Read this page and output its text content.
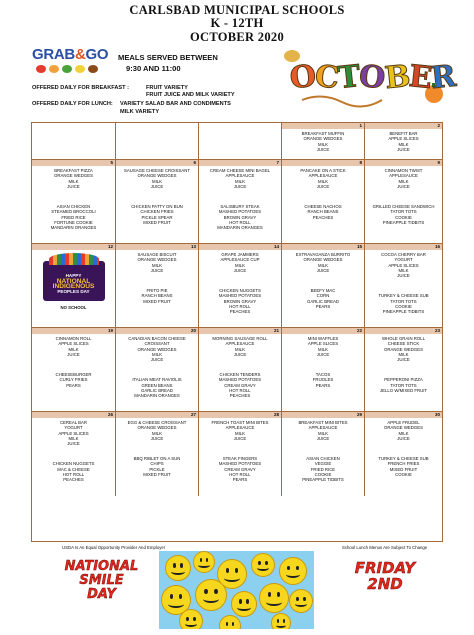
CARLSBAD MUNICIPAL SCHOOLS
K - 12TH
OCTOBER 2020
GRAB&GO MEALS SERVED BETWEEN
9:30 AND 11:00
OFFERED DAILY FOR BREAKFAST :	FRUIT VARIETY
FRUIT JUICE AND MILK VARIETY
OFFERED DAILY FOR LUNCH: VARIETY SALAD BAR AND CONDIMENTS
MILK VARIETY
OCTOBER
1
BREAKFAST MUFFIN
ORANGE WEDGES
MILK
JUICE
2
BENEFIT BAR
APPLE SLICES
MILK
JUICE
5
BREAKFAST PIZZA
ORANGE WEDGES
MILK
JUICE
ASIAN CHICKEN
STEAMED BROCCOLI
FRIED RICE
FORTUNE COOKIE
MANDARIN ORANGES
6
SAUSAGE CHEESE CROISSANT
ORANGE WEDGES
MILK
JUICE
CHICKEN PATTY ON BUN
CHICKEN FRIES
PICKLE SPEAR
MIXED FRUIT
7
CREAM CHEESE MINI BAGEL
APPLESAUCE
MILK
JUICE
SALISBURY STEAK
MASHED POTATOES
BROWN GRAVY
HOT ROLL
MANDARIN ORANGES
8
PANCAKE ON A STICK
APPLESAUCE
MILK
JUICE
CHEESE NACHOS
RANCH BEANS
PEACHES
9
CINNAMON TWIST
APPLESAUCE
MILK
JUICE
GRILLED CHEESE SANDWICH
TATOR TOTS
COOKIE
PINEAPPLE TIDBITS
12
HAPPY
NATIONAL
INDIGENOUS
PEOPLES DAY
NO SCHOOL
13
SAUSAGE BISCUIT
ORANGE WEDGES
MILK
JUICE
FRITO PIE
RANCH BEANS
MIXED FRUIT
14
GRAPE JAMMERS
APPLESAUCE CUP
MILK
JUICE
CHICKEN NUGGETS
MASHED POTATOES
BROWN GRAVY
HOT ROLL
PEACHES
15
EXTRAVAGANZA BURRITO
ORANGE WEDGES
MILK
JUICE
BEEFY MAC
CORN
GARLIC BREAD
PEARS
16
COCOA CHERRY BAR
YOGURT
APPLE SLICES
MILK
JUICE
TURKEY & CHEESE SUB
TATOR TOTS
COOKIE
PINEAPPLE TIDBITS
19
CINNAMON ROLL
APPLE SLICES
MILK
JUICE
CHEESEBURGER
CURLY FRIES
PEARS
20
CANADIAN BACON CHEESE
CROISSANT
ORANGE WEDGES
MILK
JUICE
ITALIAN MEAT RAVIOLIS
GREEN BEANS
GARLIC BREAD
MANDARIN ORANGES
21
MORNING SAUSAGE ROLL
APPLESAUCE
MILK
JUICE
CHICKEN TENDERS
MASHED POTATOES
CREAM GRAVY
HOT ROLL
PEACHES
22
MINI WAFFLES
APPLE SLICES
MILK
JUICE
TACOS
FRIJOLES
PEARS
23
WHOLE GRAIN ROLL
CHEESE STICK
ORANGE WEDGES
MILK
JUICE
PEPPERONI PIZZA
TATOR TOTS
JELLO W/MIXED FRUIT
26
CEREAL BAR
YOGURT
APPLE SLICES
MILK
JUICE
CHICKEN NUGGETS
MAC & CHEESE
HOT ROLL
PEACHES
27
EGG & CHEESE CROISSANT
ORANGE WEDGES
MILK
JUICE
BBQ RIBLET ON A SUN
CHIPS
PICKLE
MIXED FRUIT
28
FRENCH TOAST MINI BITES
APPLESAUCE
MILK
JUICE
STEAK FINGERS
MASHED POTATOES
CREAM GRAVY
HOT ROLL
PEARS
29
BREAKFAST MINI BITES
APPLESAUCE
MILK
JUICE
ASIAN CHICKEN
VEGGIE
FRIED RICE
COOKIE
PINEAPPLE TIDBITS
30
APPLE FRUDEL
ORANGE WEDGES
MILK
JUICE
TURKEY & CHEESE SUB
FRENCH FRIES
MIXED FRUIT
COOKIE
USDA Is An Equal Opportunity Provider And Employer	School Lunch Menus Are Subject To Change
NATIONAL
SMILE
DAY
FRIDAY
2ND
